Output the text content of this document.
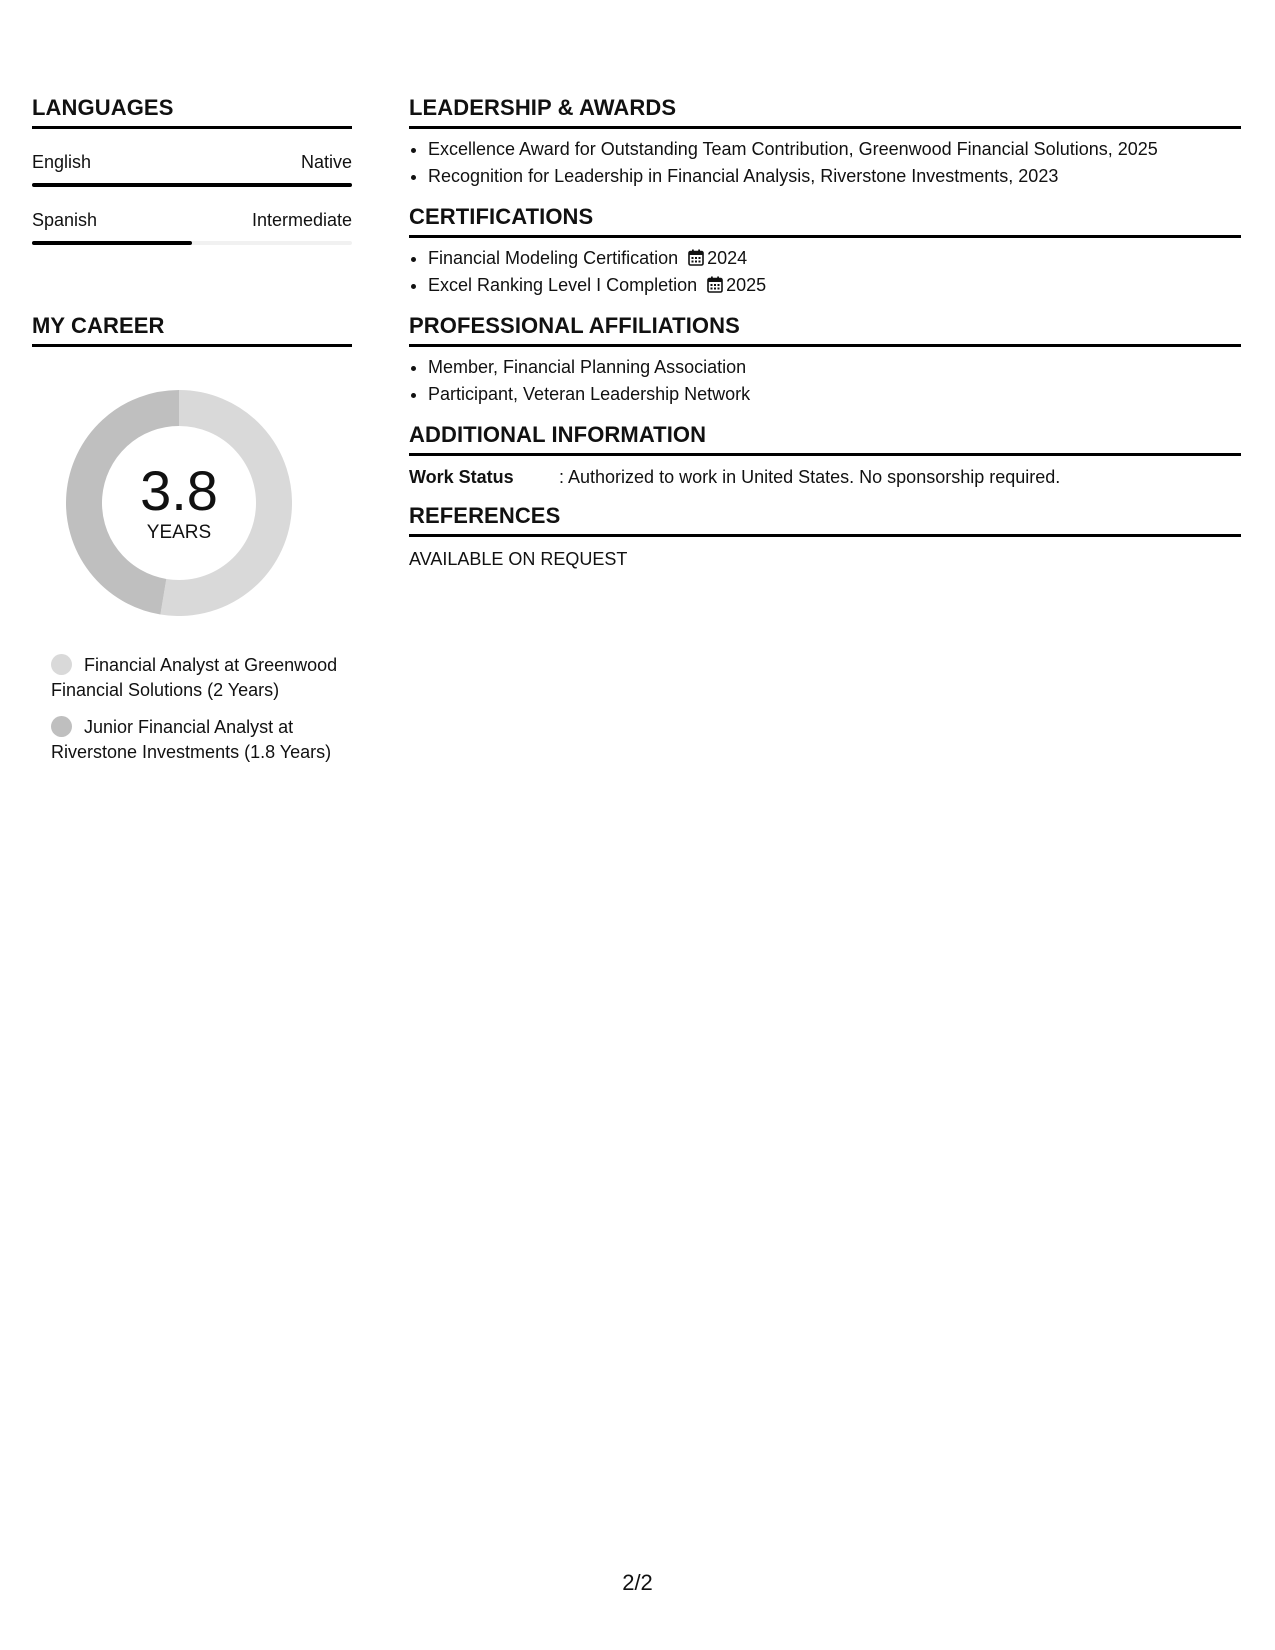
LANGUAGES
English	Native
Spanish	Intermediate
MY CAREER
3.8
YEARS
Financial Analyst at Greenwood Financial Solutions (2 Years)
Junior Financial Analyst at Riverstone Investments (1.8 Years)
LEADERSHIP & AWARDS
• Excellence Award for Outstanding Team Contribution, Greenwood Financial Solutions, 2025
• Recognition for Leadership in Financial Analysis, Riverstone Investments, 2023
CERTIFICATIONS
• Financial Modeling Certification 2024
• Excel Ranking Level I Completion 2025
PROFESSIONAL AFFILIATIONS
• Member, Financial Planning Association
• Participant, Veteran Leadership Network
ADDITIONAL INFORMATION
Work Status	: Authorized to work in United States. No sponsorship required.
REFERENCES
AVAILABLE ON REQUEST
2/2
